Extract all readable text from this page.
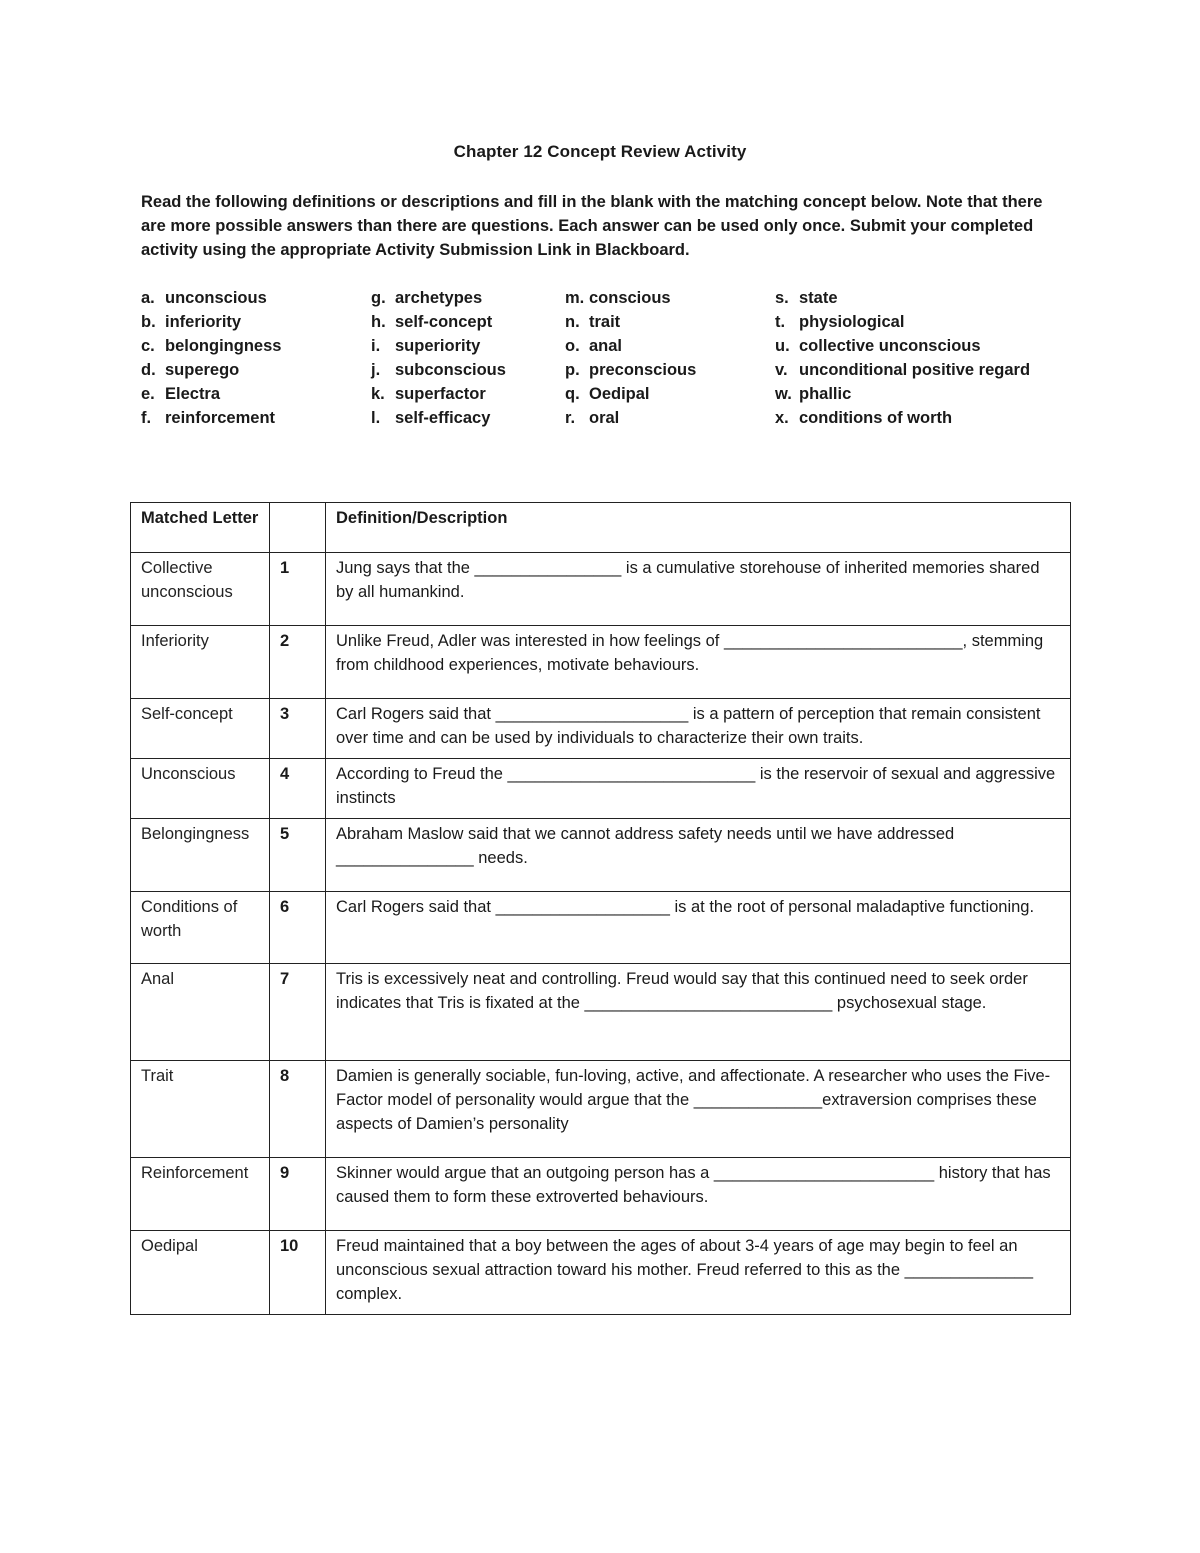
Chapter 12 Concept Review Activity
Read the following definitions or descriptions and fill in the blank with the matching concept below. Note that there are more possible answers than there are questions. Each answer can be used only once. Submit your completed activity using the appropriate Activity Submission Link in Blackboard.
a. unconscious
b. inferiority
c. belongingness
d. superego
e. Electra
f. reinforcement
g. archetypes
h. self-concept
i. superiority
j. subconscious
k. superfactor
l. self-efficacy
m. conscious
n. trait
o. anal
p. preconscious
q. Oedipal
r. oral
s. state
t. physiological
u. collective unconscious
v. unconditional positive regard
w. phallic
x. conditions of worth
Matched Letter		Definition/Description
Collective unconscious	1	Jung says that the ________________ is a cumulative storehouse of inherited memories shared by all humankind.
Inferiority	2	Unlike Freud, Adler was interested in how feelings of __________________________, stemming from childhood experiences, motivate behaviours.
Self-concept	3	Carl Rogers said that _____________________ is a pattern of perception that remain consistent over time and can be used by individuals to characterize their own traits.
Unconscious	4	According to Freud the ___________________________ is the reservoir of sexual and aggressive instincts
Belongingness	5	Abraham Maslow said that we cannot address safety needs until we have addressed _______________ needs.
Conditions of worth	6	Carl Rogers said that ___________________ is at the root of personal maladaptive functioning.
Anal	7	Tris is excessively neat and controlling. Freud would say that this continued need to seek order indicates that Tris is fixated at the ___________________________ psychosexual stage.
Trait	8	Damien is generally sociable, fun-loving, active, and affectionate. A researcher who uses the Five-Factor model of personality would argue that the ______________extraversion comprises these aspects of Damien’s personality
Reinforcement	9	Skinner would argue that an outgoing person has a ________________________ history that has caused them to form these extroverted behaviours.
Oedipal	10	Freud maintained that a boy between the ages of about 3-4 years of age may begin to feel an unconscious sexual attraction toward his mother. Freud referred to this as the ______________ complex.
